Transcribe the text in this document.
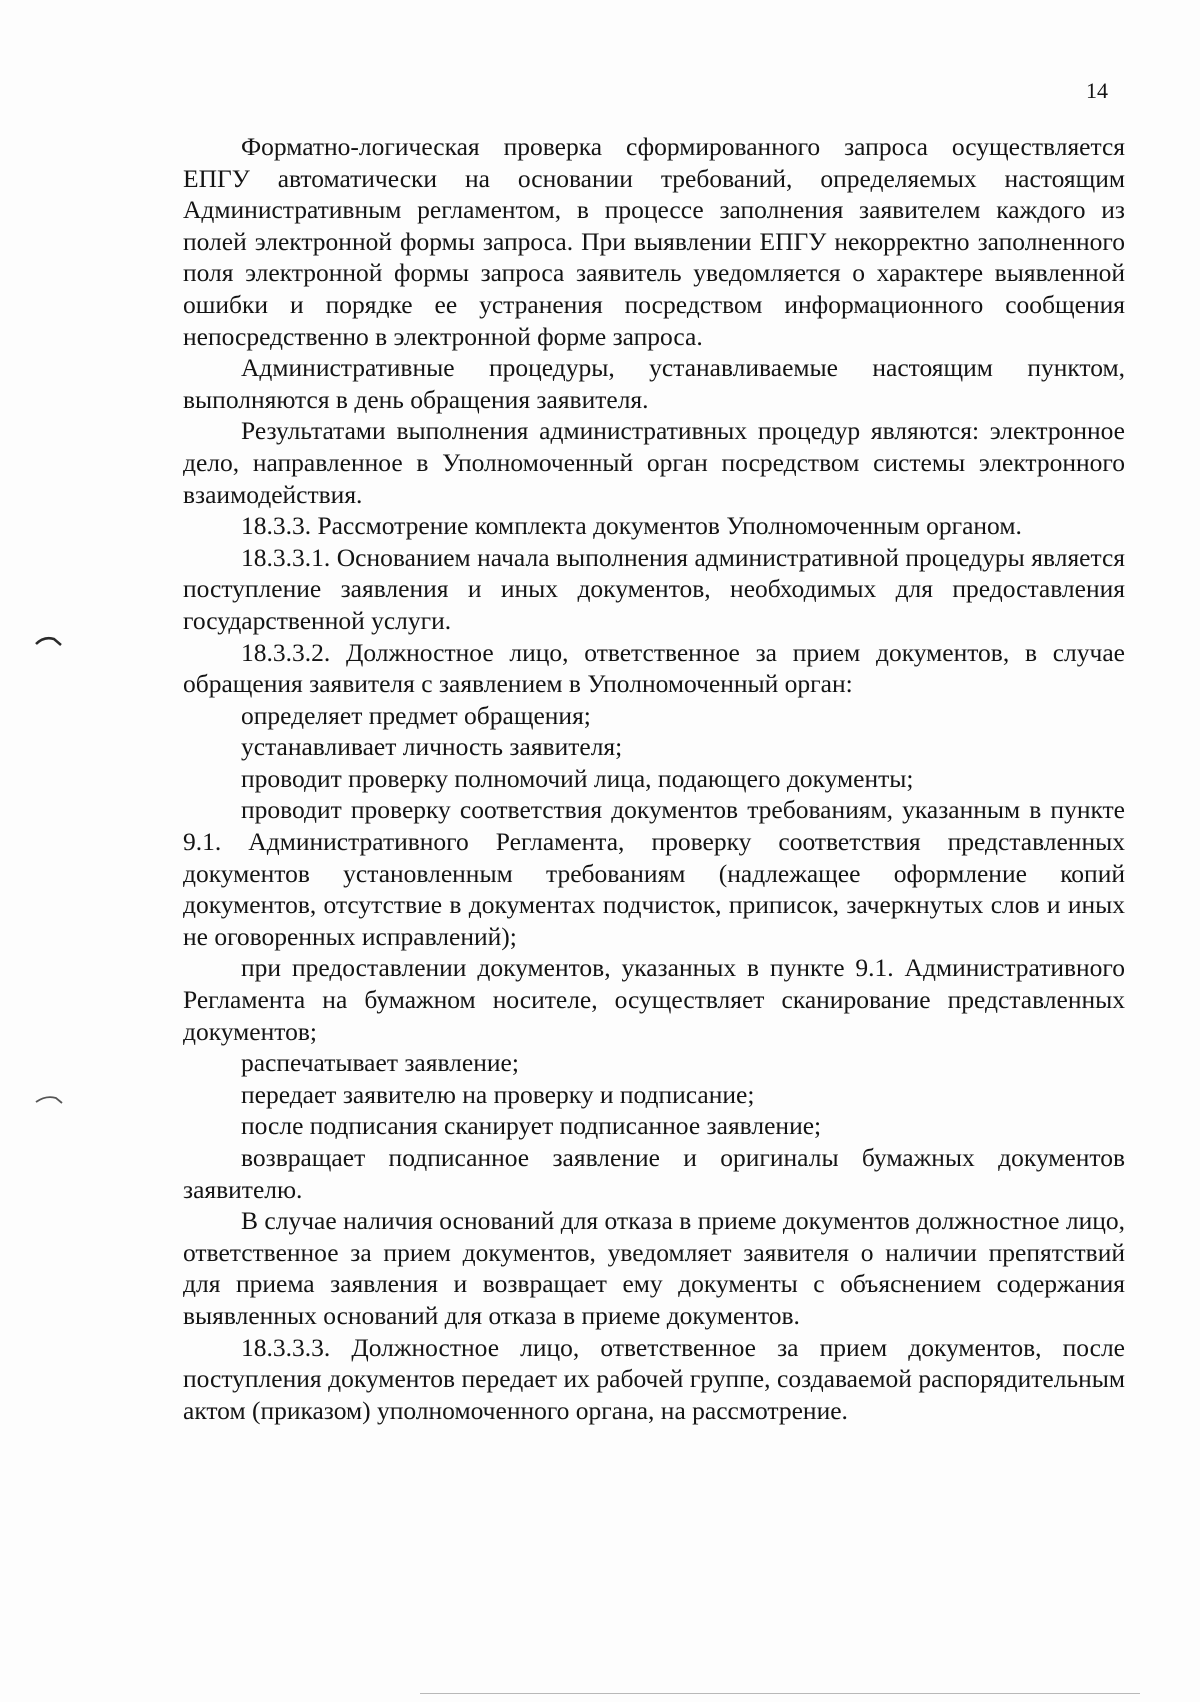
14

Форматно-логическая проверка сформированного запроса осуществляется ЕПГУ автоматически на основании требований, определяемых настоящим Административным регламентом, в процессе заполнения заявителем каждого из полей электронной формы запроса. При выявлении ЕПГУ некорректно заполненного поля электронной формы запроса заявитель уведомляется о характере выявленной ошибки и порядке ее устранения посредством информационного сообщения непосредственно в электронной форме запроса.

Административные процедуры, устанавливаемые настоящим пунктом, выполняются в день обращения заявителя.

Результатами выполнения административных процедур являются: электронное дело, направленное в Уполномоченный орган посредством системы электронного взаимодействия.

18.3.3. Рассмотрение комплекта документов Уполномоченным органом.

18.3.3.1. Основанием начала выполнения административной процедуры является поступление заявления и иных документов, необходимых для предоставления государственной услуги.

18.3.3.2. Должностное лицо, ответственное за прием документов, в случае обращения заявителя с заявлением в Уполномоченный орган:

определяет предмет обращения;

устанавливает личность заявителя;

проводит проверку полномочий лица, подающего документы;

проводит проверку соответствия документов требованиям, указанным в пункте 9.1. Административного Регламента, проверку соответствия представленных документов установленным требованиям (надлежащее оформление копий документов, отсутствие в документах подчисток, приписок, зачеркнутых слов и иных не оговоренных исправлений);

при предоставлении документов, указанных в пункте 9.1. Административного Регламента на бумажном носителе, осуществляет сканирование представленных документов;

распечатывает заявление;

передает заявителю на проверку и подписание;

после подписания сканирует подписанное заявление;

возвращает подписанное заявление и оригиналы бумажных документов заявителю.

В случае наличия оснований для отказа в приеме документов должностное лицо, ответственное за прием документов, уведомляет заявителя о наличии препятствий для приема заявления и возвращает ему документы с объяснением содержания выявленных оснований для отказа в приеме документов.

18.3.3.3. Должностное лицо, ответственное за прием документов, после поступления документов передает их рабочей группе, создаваемой распорядительным актом (приказом) уполномоченного органа, на рассмотрение.
